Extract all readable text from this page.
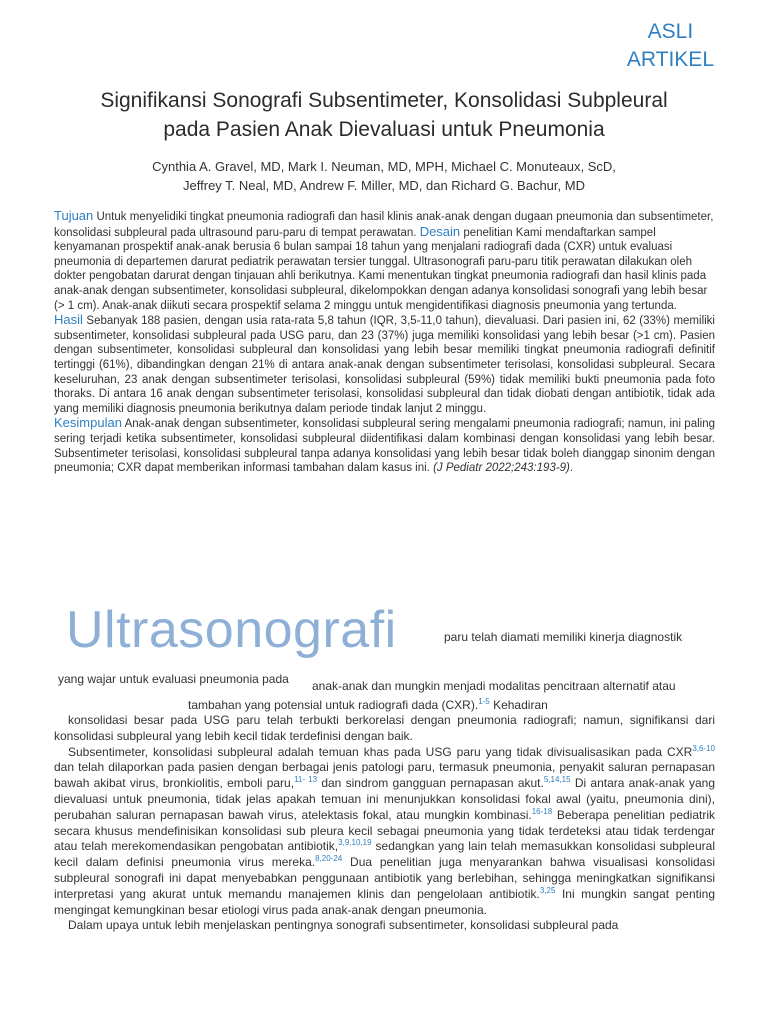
ASLI
ARTIKEL
Signifikansi Sonografi Subsentimeter, Konsolidasi Subpleural
pada Pasien Anak Dievaluasi untuk Pneumonia
Cynthia A. Gravel, MD, Mark I. Neuman, MD, MPH, Michael C. Monuteaux, ScD,
Jeffrey T. Neal, MD, Andrew F. Miller, MD, dan Richard G. Bachur, MD

Tujuan Untuk menyelidiki tingkat pneumonia radiografi dan hasil klinis anak-anak dengan dugaan pneumonia dan subsentimeter, konsolidasi subpleural pada ultrasound paru-paru di tempat perawatan. Desain penelitian Kami mendaftarkan sampel kenyamanan prospektif anak-anak berusia 6 bulan sampai 18 tahun yang menjalani radiografi dada (CXR) untuk evaluasi pneumonia di departemen darurat pediatrik perawatan tersier tunggal. Ultrasonografi paru-paru titik perawatan dilakukan oleh dokter pengobatan darurat dengan tinjauan ahli berikutnya. Kami menentukan tingkat pneumonia radiografi dan hasil klinis pada anak-anak dengan subsentimeter, konsolidasi subpleural, dikelompokkan dengan adanya konsolidasi sonografi yang lebih besar (> 1 cm). Anak-anak diikuti secara prospektif selama 2 minggu untuk mengidentifikasi diagnosis pneumonia yang tertunda.

Hasil Sebanyak 188 pasien, dengan usia rata-rata 5,8 tahun (IQR, 3,5-11,0 tahun), dievaluasi. Dari pasien ini, 62 (33%) memiliki subsentimeter, konsolidasi subpleural pada USG paru, dan 23 (37%) juga memiliki konsolidasi yang lebih besar (>1 cm). Pasien dengan subsentimeter, konsolidasi subpleural dan konsolidasi yang lebih besar memiliki tingkat pneumonia radiografi definitif tertinggi (61%), dibandingkan dengan 21% di antara anak-anak dengan subsentimeter terisolasi, konsolidasi subpleural. Secara keseluruhan, 23 anak dengan subsentimeter terisolasi, konsolidasi subpleural (59%) tidak memiliki bukti pneumonia pada foto thoraks. Di antara 16 anak dengan subsentimeter terisolasi, konsolidasi subpleural dan tidak diobati dengan antibiotik, tidak ada yang memiliki diagnosis pneumonia berikutnya dalam periode tindak lanjut 2 minggu.

Kesimpulan Anak-anak dengan subsentimeter, konsolidasi subpleural sering mengalami pneumonia radiografi; namun, ini paling sering terjadi ketika subsentimeter, konsolidasi subpleural diidentifikasi dalam kombinasi dengan konsolidasi yang lebih besar. Subsentimeter terisolasi, konsolidasi subpleural tanpa adanya konsolidasi yang lebih besar tidak boleh dianggap sinonim dengan pneumonia; CXR dapat memberikan informasi tambahan dalam kasus ini. (J Pediatr 2022;243:193-9).

Ultrasonografi	paru telah diamati memiliki kinerja diagnostik
yang wajar untuk evaluasi pneumonia pada anak-anak dan mungkin menjadi modalitas pencitraan alternatif atau
tambahan yang potensial untuk radiografi dada (CXR).$^{1-5}$ Kehadiran

konsolidasi besar pada USG paru telah terbukti berkorelasi dengan pneumonia radiografi; namun, signifikansi dari konsolidasi subpleural yang lebih kecil tidak terdefinisi dengan baik.

Subsentimeter, konsolidasi subpleural adalah temuan khas pada USG paru yang tidak divisualisasikan pada CXR$^{3,6-10}$ dan telah dilaporkan pada pasien dengan berbagai jenis patologi paru, termasuk pneumonia, penyakit saluran pernapasan bawah akibat virus, bronkiolitis, emboli paru,$^{11- 13}$ dan sindrom gangguan pernapasan akut.$^{5,14,15}$ Di antara anak-anak yang dievaluasi untuk pneumonia, tidak jelas apakah temuan ini menunjukkan konsolidasi fokal awal (yaitu, pneumonia dini), perubahan saluran pernapasan bawah virus, atelektasis fokal, atau mungkin kombinasi.$^{16-18}$ Beberapa penelitian pediatrik secara khusus mendefinisikan konsolidasi sub pleura kecil sebagai pneumonia yang tidak terdeteksi atau tidak terdengar atau telah merekomendasikan pengobatan antibiotik,$^{3,9,10,19}$ sedangkan yang lain telah memasukkan konsolidasi subpleural kecil dalam definisi pneumonia virus mereka.$^{8,20-24}$ Dua penelitian juga menyarankan bahwa visualisasi konsolidasi subpleural sonografi ini dapat menyebabkan penggunaan antibiotik yang berlebihan, sehingga meningkatkan signifikansi interpretasi yang akurat untuk memandu manajemen klinis dan pengelolaan antibiotik.$^{3,25}$ Ini mungkin sangat penting mengingat kemungkinan besar etiologi virus pada anak-anak dengan pneumonia.

Dalam upaya untuk lebih menjelaskan pentingnya sonografi subsentimeter, konsolidasi subpleural pada
